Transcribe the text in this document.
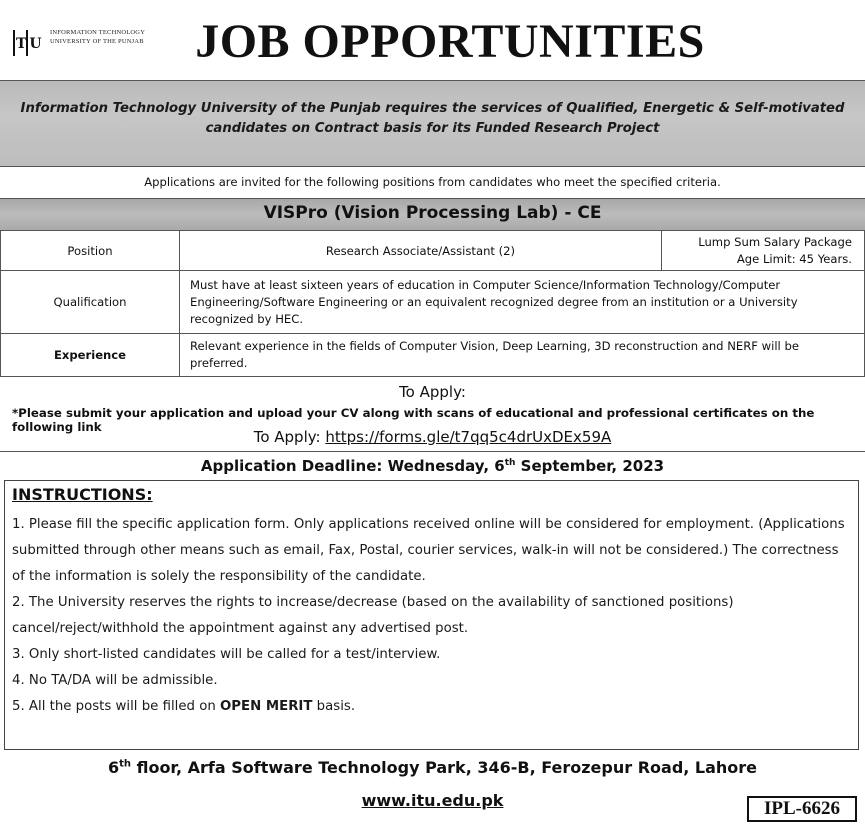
T U
INFORMATION TECHNOLOGY
UNIVERSITY OF THE PUNJAB	JOB OPPORTUNITIES
Information Technology University of the Punjab requires the services of Qualified, Energetic & Self-motivated candidates on Contract basis for its Funded Research Project
Applications are invited for the following positions from candidates who meet the specified criteria.
VISPro (Vision Processing Lab) - CE
Position	Research Associate/Assistant (2)	Lump Sum Salary Package
Age Limit: 45 Years.

Qualification	Must have at least sixteen years of education in Computer Science/Information Technology/Computer Engineering/Software Engineering or an equivalent recognized degree from an institution or a University recognized by HEC.	
Experience	Relevant experience in the fields of Computer Vision, Deep Learning, 3D reconstruction and NERF will be preferred.	
To Apply:
*Please submit your application and upload your CV along with scans of educational and professional certificates on the following link
To Apply: https://forms.gle/t7qq5c4drUxDEx59A
Application Deadline: Wednesday, 6th September, 2023
INSTRUCTIONS:

1. Please fill the specific application form. Only applications received online will be considered for employment. (Applications

submitted through other means such as email, Fax, Postal, courier services, walk-in will not be considered.) The correctness of the information is solely the responsibility of the candidate.

2. The University reserves the rights to increase/decrease (based on the availability of sanctioned positions) cancel/reject/withhold the appointment against any advertised post.

3. Only short-listed candidates will be called for a test/interview.

4. No TA/DA will be admissible.

5. All the posts will be filled on OPEN MERIT basis.

6th floor, Arfa Software Technology Park, 346-B, Ferozepur Road, Lahore
www.itu.edu.pk	IPL-6626
